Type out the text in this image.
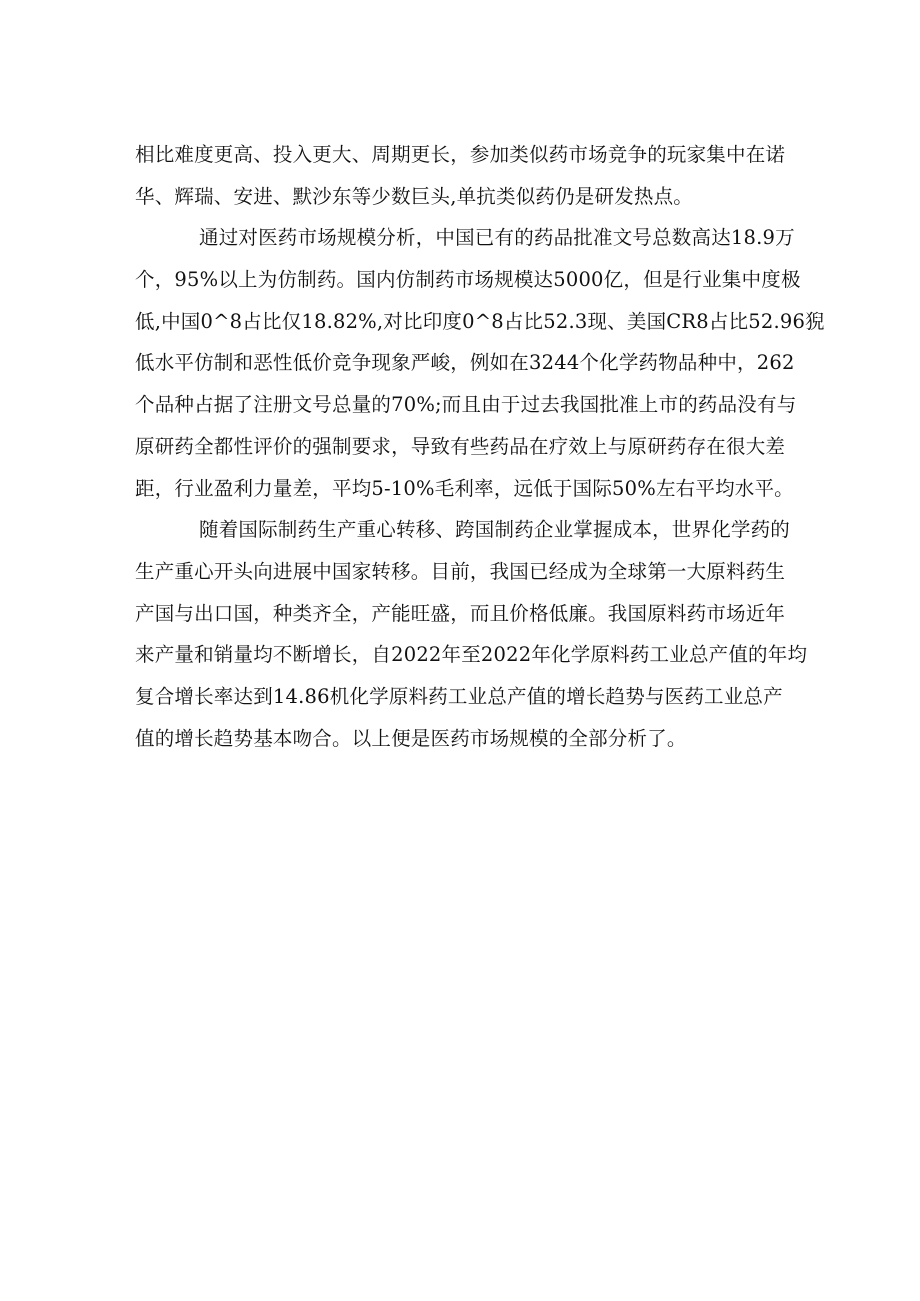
相比难度更高、投入更大、周期更长，参加类似药市场竞争的玩家集中在诺
华、辉瑞、安进、默沙东等少数巨头,单抗类似药仍是研发热点。
通过对医药市场规模分析，中国已有的药品批准文号总数高达18.9万
个，95%以上为仿制药。国内仿制药市场规模达5000亿，但是行业集中度极
低,中国0^8占比仅18.82%,对比印度0^8占比52.3现、美国CR8占比52.96猊
低水平仿制和恶性低价竞争现象严峻，例如在3244个化学药物品种中，262
个品种占据了注册文号总量的70%;而且由于过去我国批准上市的药品没有与
原研药全都性评价的强制要求，导致有些药品在疗效上与原研药存在很大差
距，行业盈利力量差，平均5-10%毛利率，远低于国际50%左右平均水平。
随着国际制药生产重心转移、跨国制药企业掌握成本，世界化学药的
生产重心开头向进展中国家转移。目前，我国已经成为全球第一大原料药生
产国与出口国，种类齐全，产能旺盛，而且价格低廉。我国原料药市场近年
来产量和销量均不断增长，自2022年至2022年化学原料药工业总产值的年均
复合增长率达到14.86机化学原料药工业总产值的增长趋势与医药工业总产
值的增长趋势基本吻合。以上便是医药市场规模的全部分析了。
